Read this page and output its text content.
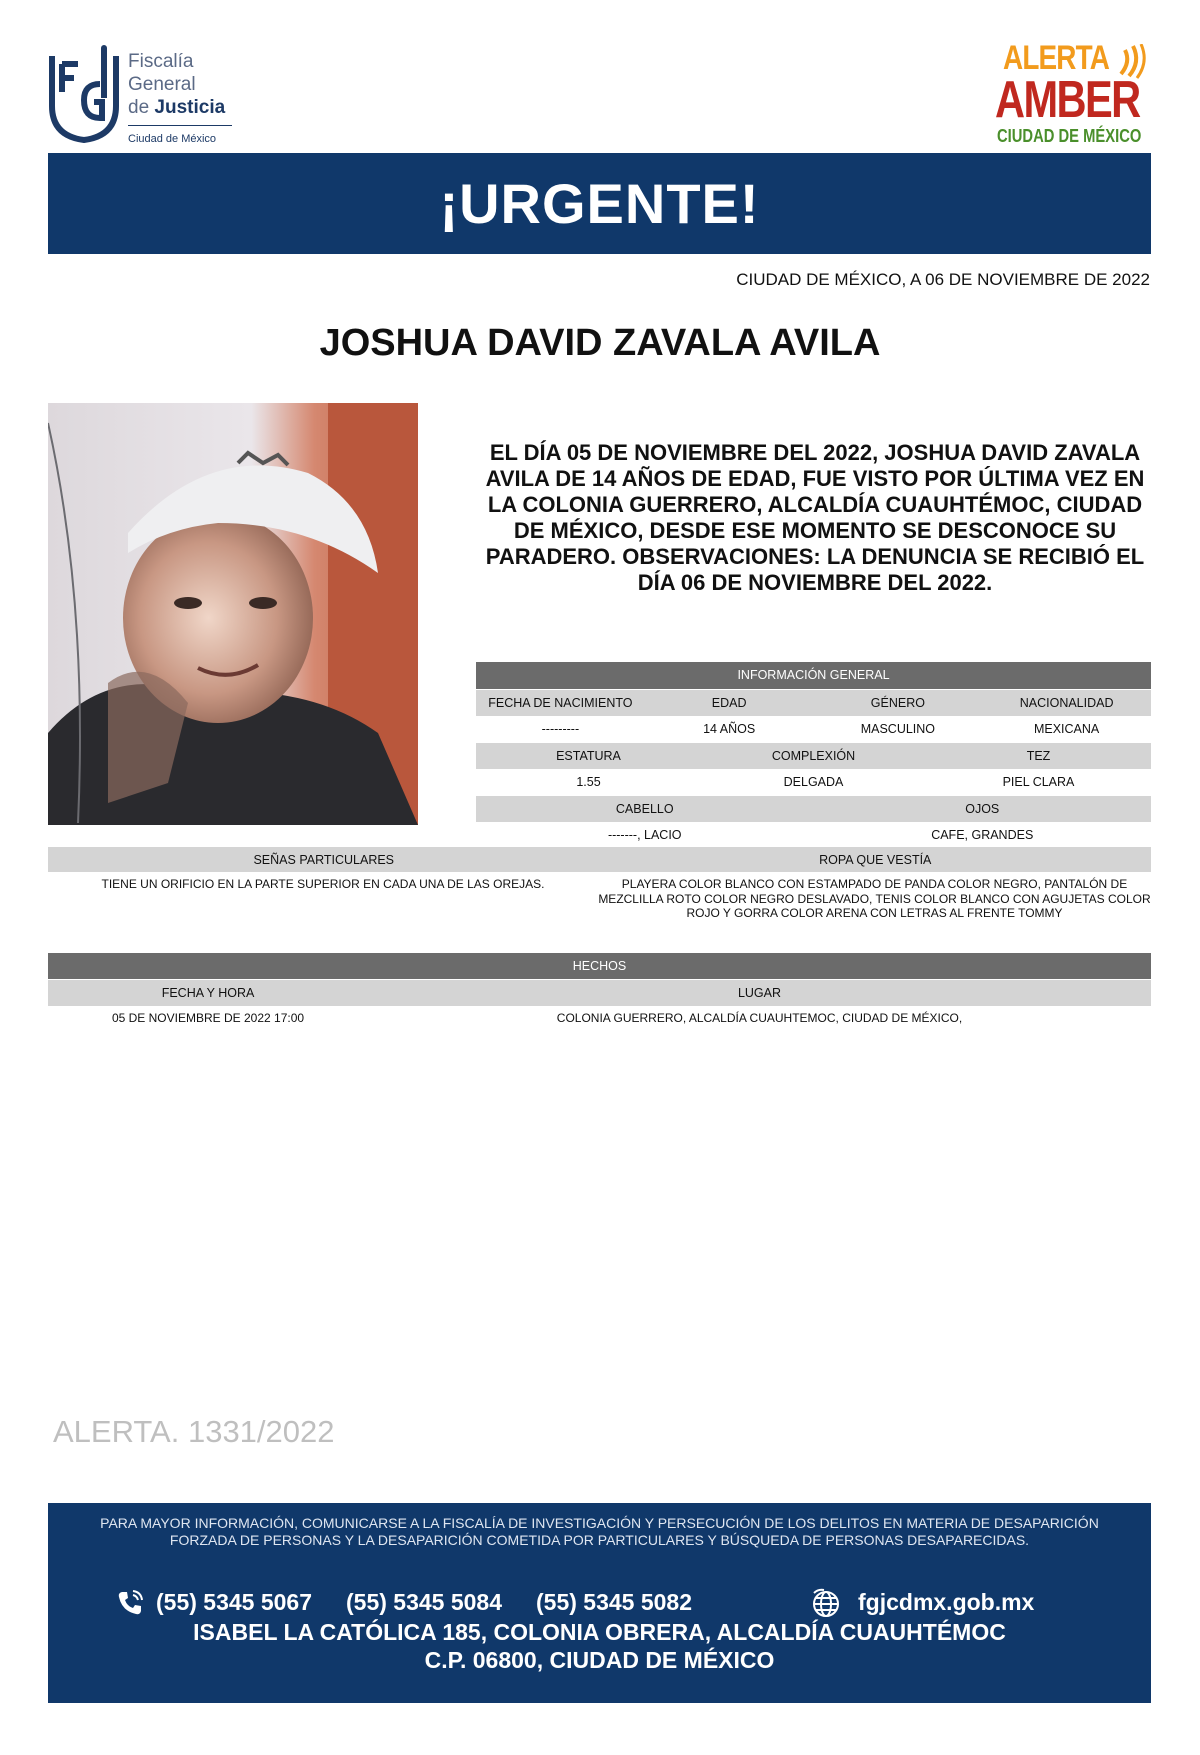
Fiscalía
General
de Justicia
Ciudad de México
ALERTA
AMBER
CIUDAD DE MÉXICO
¡URGENTE!
CIUDAD DE MÉXICO, A 06 DE NOVIEMBRE DE 2022
JOSHUA DAVID ZAVALA AVILA
EL DÍA 05 DE NOVIEMBRE DEL 2022, JOSHUA DAVID ZAVALA AVILA DE 14 AÑOS DE EDAD, FUE VISTO POR ÚLTIMA VEZ EN LA COLONIA GUERRERO, ALCALDÍA CUAUHTÉMOC, CIUDAD DE MÉXICO, DESDE ESE MOMENTO SE DESCONOCE SU PARADERO. OBSERVACIONES: LA DENUNCIA SE RECIBIÓ EL DÍA 06 DE NOVIEMBRE DEL 2022.
INFORMACIÓN GENERAL
FECHA DE NACIMIENTO	EDAD	GÉNERO	NACIONALIDAD
---------	14 AÑOS	MASCULINO	MEXICANA
ESTATURA	COMPLEXIÓN	TEZ
1.55	DELGADA	PIEL CLARA
CABELLO	OJOS
-------, LACIO	CAFE, GRANDES
SEÑAS PARTICULARES	ROPA QUE VESTÍA
TIENE UN ORIFICIO EN LA PARTE SUPERIOR EN CADA UNA DE LAS OREJAS.	PLAYERA COLOR BLANCO CON ESTAMPADO DE PANDA COLOR NEGRO, PANTALÓN DE MEZCLILLA ROTO COLOR NEGRO DESLAVADO, TENIS COLOR BLANCO CON AGUJETAS COLOR ROJO Y GORRA COLOR ARENA CON LETRAS AL FRENTE TOMMY
HECHOS
FECHA Y HORA	LUGAR
05 DE NOVIEMBRE DE 2022 17:00	COLONIA GUERRERO, ALCALDÍA CUAUHTEMOC, CIUDAD DE MÉXICO,
ALERTA. 1331/2022
PARA MAYOR INFORMACIÓN, COMUNICARSE A LA FISCALÍA DE INVESTIGACIÓN Y PERSECUCIÓN DE LOS DELITOS EN MATERIA DE DESAPARICIÓN FORZADA DE PERSONAS Y LA DESAPARICIÓN COMETIDA POR PARTICULARES Y BÚSQUEDA DE PERSONAS DESAPARECIDAS.
(55) 5345 5067 (55) 5345 5084 (55) 5345 5082	fgjcdmx.gob.mx
ISABEL LA CATÓLICA 185, COLONIA OBRERA, ALCALDÍA CUAUHTÉMOC
C.P. 06800, CIUDAD DE MÉXICO
